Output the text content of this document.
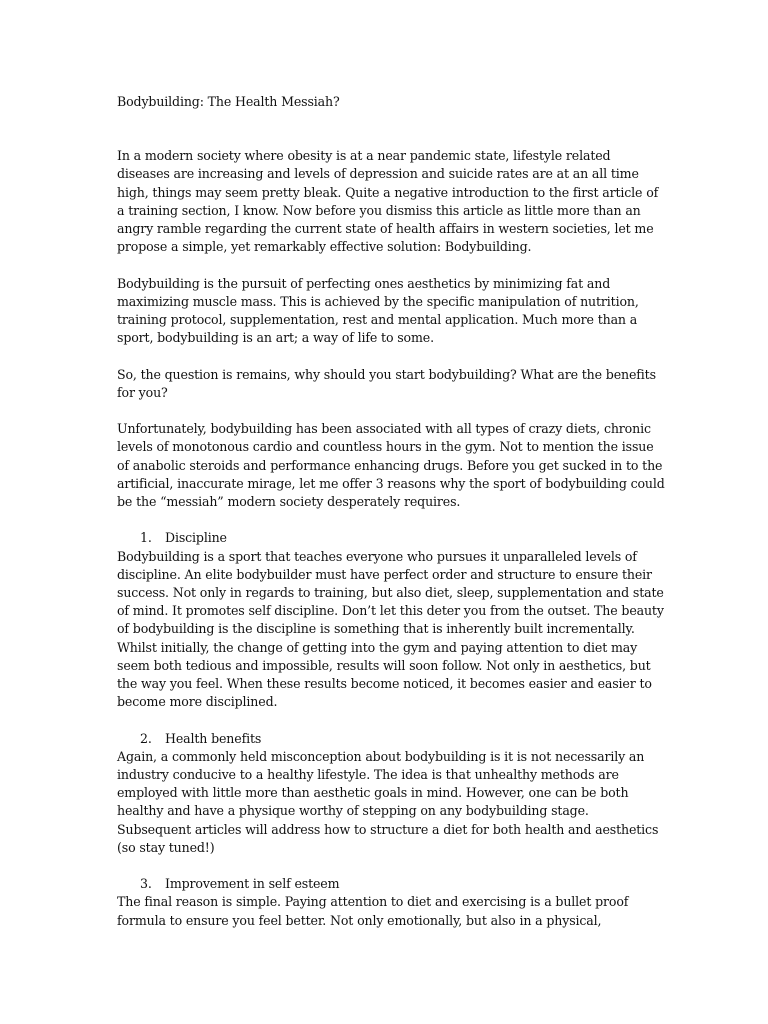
Bodybuilding: The Health Messiah?

In a modern society where obesity is at a near pandemic state, lifestyle related diseases are increasing and levels of depression and suicide rates are at an all time high, things may seem pretty bleak. Quite a negative introduction to the first article of a training section, I know. Now before you dismiss this article as little more than an angry ramble regarding the current state of health affairs in western societies, let me propose a simple, yet remarkably effective solution: Bodybuilding.

Bodybuilding is the pursuit of perfecting ones aesthetics by minimizing fat and maximizing muscle mass. This is achieved by the specific manipulation of nutrition, training protocol, supplementation, rest and mental application. Much more than a sport, bodybuilding is an art; a way of life to some.

So, the question is remains, why should you start bodybuilding? What are the benefits for you?

Unfortunately, bodybuilding has been associated with all types of crazy diets, chronic levels of monotonous cardio and countless hours in the gym. Not to mention the issue of anabolic steroids and performance enhancing drugs. Before you get sucked in to the artificial, inaccurate mirage, let me offer 3 reasons why the sport of bodybuilding could be the “messiah” modern society desperately requires.

1.	Discipline

Bodybuilding is a sport that teaches everyone who pursues it unparalleled levels of discipline. An elite bodybuilder must have perfect order and structure to ensure their success. Not only in regards to training, but also diet, sleep, supplementation and state of mind. It promotes self discipline. Don’t let this deter you from the outset. The beauty of bodybuilding is the discipline is something that is inherently built incrementally. Whilst initially, the change of getting into the gym and paying attention to diet may seem both tedious and impossible, results will soon follow. Not only in aesthetics, but the way you feel. When these results become noticed, it becomes easier and easier to become more disciplined.

2.	Health benefits

Again, a commonly held misconception about bodybuilding is it is not necessarily an industry conducive to a healthy lifestyle. The idea is that unhealthy methods are employed with little more than aesthetic goals in mind. However, one can be both healthy and have a physique worthy of stepping on any bodybuilding stage. Subsequent articles will address how to structure a diet for both health and aesthetics (so stay tuned!)

3.	Improvement in self esteem

The final reason is simple. Paying attention to diet and exercising is a bullet proof formula to ensure you feel better. Not only emotionally, but also in a physical,
